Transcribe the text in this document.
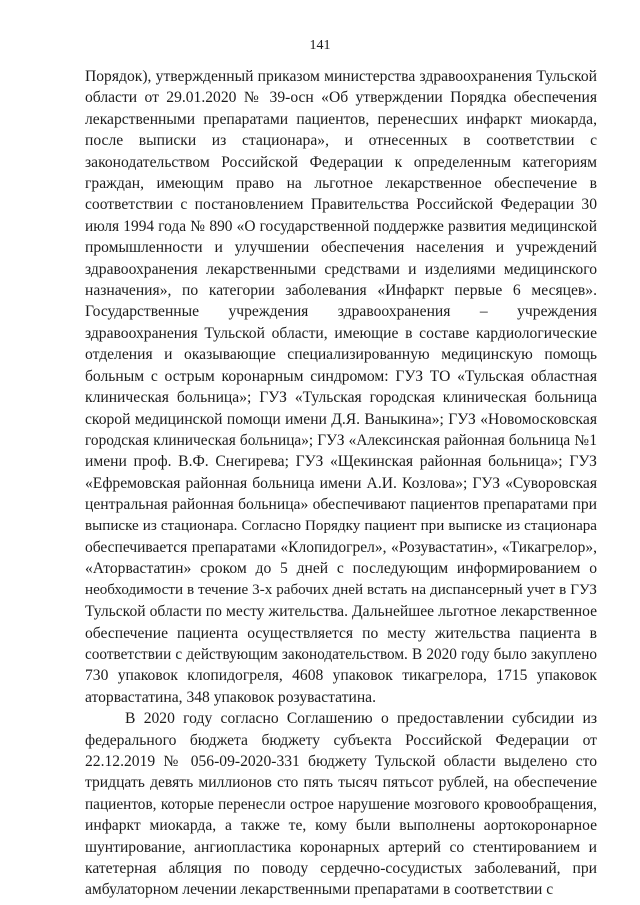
141

Порядок), утвержденный приказом министерства здравоохранения Тульской
области от 29.01.2020 № 39-осн «Об утверждении Порядка обеспечения
лекарственными препаратами пациентов, перенесших инфаркт миокарда,
после выписки из стационара», и отнесенных в соответствии с
законодательством Российской Федерации к определенным категориям
граждан, имеющим право на льготное лекарственное обеспечение в
соответствии с постановлением Правительства Российской Федерации 30
июля 1994 года № 890 «О государственной поддержке развития медицинской
промышленности и улучшении обеспечения населения и учреждений
здравоохранения лекарственными средствами и изделиями медицинского
назначения», по категории заболевания «Инфаркт первые 6 месяцев».
Государственные учреждения здравоохранения – учреждения
здравоохранения Тульской области, имеющие в составе кардиологические
отделения и оказывающие специализированную медицинскую помощь
больным с острым коронарным синдромом: ГУЗ ТО «Тульская областная
клиническая больница»; ГУЗ «Тульская городская клиническая больница
скорой медицинской помощи имени Д.Я. Ваныкина»; ГУЗ «Новомосковская
городская клиническая больница»; ГУЗ «Алексинская районная больница №1
имени проф. В.Ф. Снегирева; ГУЗ «Щекинская районная больница»; ГУЗ
«Ефремовская районная больница имени А.И. Козлова»; ГУЗ «Суворовская
центральная районная больница» обеспечивают пациентов препаратами при
выписке из стационара. Согласно Порядку пациент при выписке из стационара
обеспечивается препаратами «Клопидогрел», «Розувастатин», «Тикагрелор»,
«Аторвастатин» сроком до 5 дней с последующим информированием о
необходимости в течение 3-х рабочих дней встать на диспансерный учет в ГУЗ
Тульской области по месту жительства. Дальнейшее льготное лекарственное
обеспечение пациента осуществляется по месту жительства пациента в
соответствии с действующим законодательством. В 2020 году было закуплено
730 упаковок клопидогреля, 4608 упаковок тикагрелора, 1715 упаковок
аторвастатина, 348 упаковок розувастатина.

В 2020 году согласно Соглашению о предоставлении субсидии из
федерального бюджета бюджету субъекта Российской Федерации от
22.12.2019 № 056-09-2020-331 бюджету Тульской области выделено сто
тридцать девять миллионов сто пять тысяч пятьсот рублей, на обеспечение
пациентов, которые перенесли острое нарушение мозгового кровообращения,
инфаркт миокарда, а также те, кому были выполнены аортокоронарное
шунтирование, ангиопластика коронарных артерий со стентированием и
катетерная абляция по поводу сердечно-сосудистых заболеваний, при
амбулаторном лечении лекарственными препаратами в соответствии с
